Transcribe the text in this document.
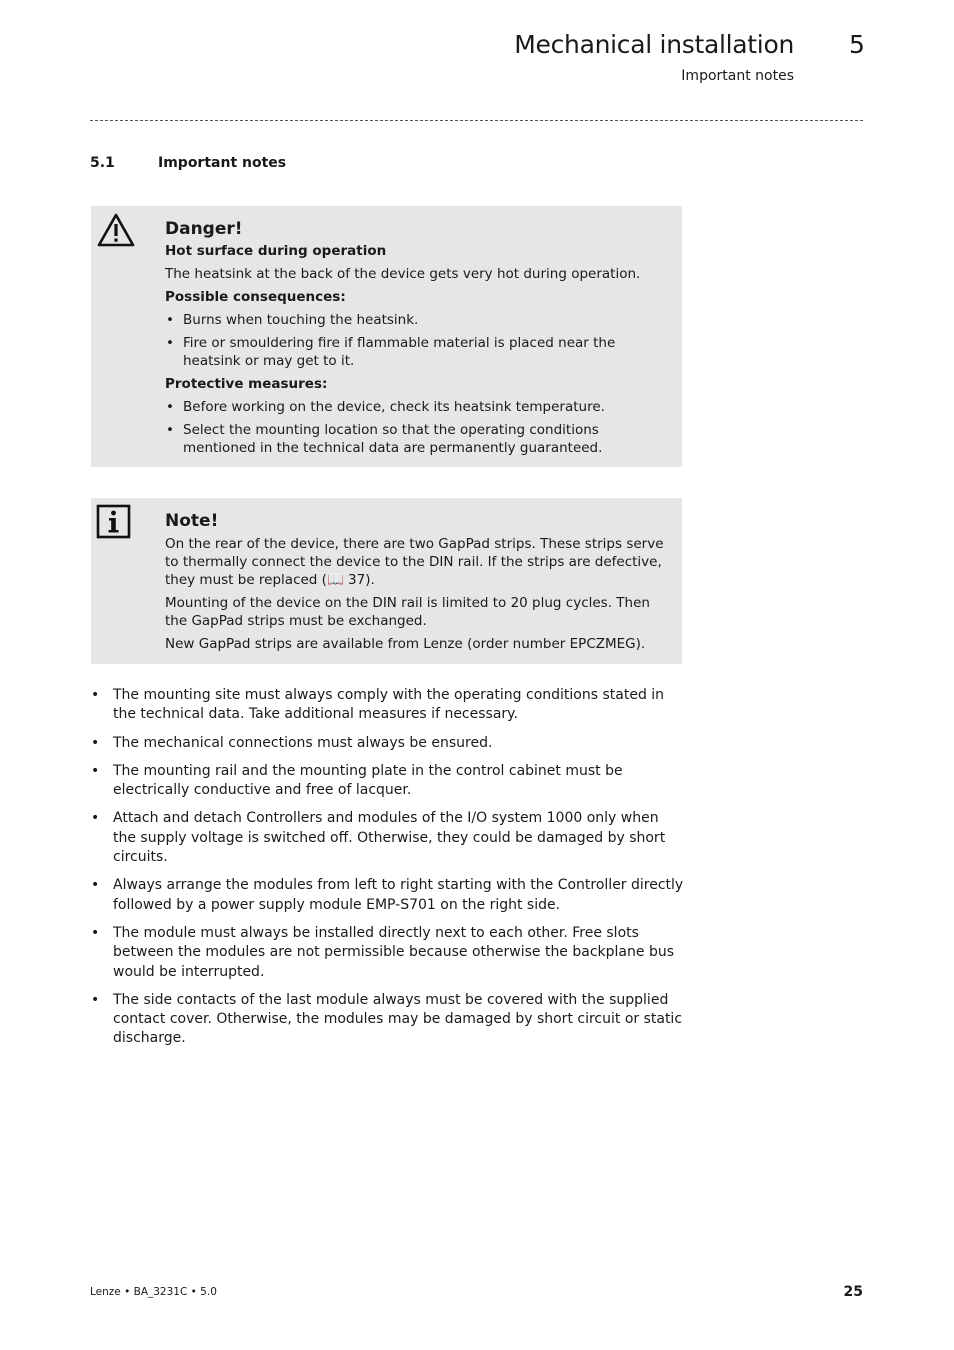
Mechanical installation 5
Important notes
5.1	Important notes
Danger!
Hot surface during operation
The heatsink at the back of the device gets very hot during operation.
Possible consequences:
• Burns when touching the heatsink.
• Fire or smouldering fire if flammable material is placed near the heatsink or may get to it.
Protective measures:
• Before working on the device, check its heatsink temperature.
• Select the mounting location so that the operating conditions mentioned in the technical data are permanently guaranteed.
Note!
On the rear of the device, there are two GapPad strips. These strips serve to thermally connect the device to the DIN rail. If the strips are defective, they must be replaced (📖 37).
Mounting of the device on the DIN rail is limited to 20 plug cycles. Then the GapPad strips must be exchanged.
New GapPad strips are available from Lenze (order number EPCZMEG).
• The mounting site must always comply with the operating conditions stated in the technical data. Take additional measures if necessary.
• The mechanical connections must always be ensured.
• The mounting rail and the mounting plate in the control cabinet must be electrically conductive and free of lacquer.
• Attach and detach Controllers and modules of the I/O system 1000 only when the supply voltage is switched off. Otherwise, they could be damaged by short circuits.
• Always arrange the modules from left to right starting with the Controller directly followed by a power supply module EMP-S701 on the right side.
• The module must always be installed directly next to each other. Free slots between the modules are not permissible because otherwise the backplane bus would be interrupted.
• The side contacts of the last module always must be covered with the supplied contact cover. Otherwise, the modules may be damaged by short circuit or static discharge.
Lenze • BA_3231C • 5.0	25
